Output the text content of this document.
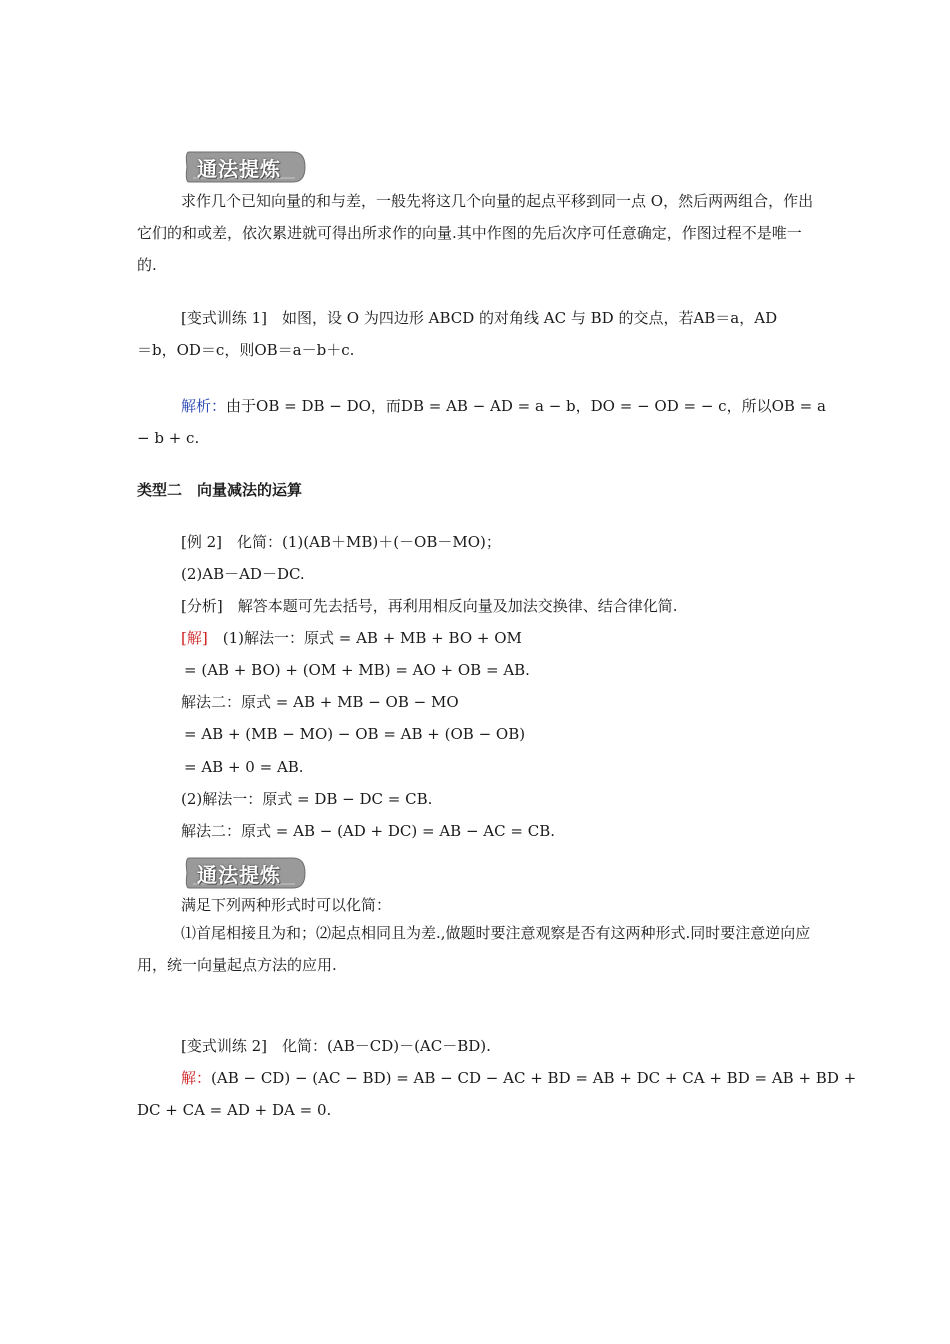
通法提炼
求作几个已知向量的和与差，一般先将这几个向量的起点平移到同一点 O，然后两两组合，作出它们的和或差，依次累进就可得出所求作的向量.其中作图的先后次序可任意确定，作图过程不是唯一的.
[变式训练 1]　如图，设 O 为四边形 ABCD 的对角线 AC 与 BD 的交点，若AB＝a，AD
＝b，OD＝c，则OB＝a－b＋c.
解析：由于OB = DB − DO，而DB = AB − AD = a − b，DO = − OD = − c，所以OB = a
− b + c.
类型二　向量减法的运算
[例 2]　化简：(1)(AB＋MB)＋(－OB－MO)；
(2)AB－AD－DC.
[分析]　解答本题可先去括号，再利用相反向量及加法交换律、结合律化简.
[解]　(1)解法一：原式 = AB + MB + BO + OM
= (AB + BO) + (OM + MB) = AO + OB = AB.
解法二：原式 = AB + MB − OB − MO
= AB + (MB − MO) − OB = AB + (OB − OB)
= AB + 0 = AB.
(2)解法一：原式 = DB − DC = CB.
解法二：原式 = AB − (AD + DC) = AB − AC = CB.
通法提炼
满足下列两种形式时可以化简：
⑴首尾相接且为和；⑵起点相同且为差.,做题时要注意观察是否有这两种形式.同时要注意逆向应用，统一向量起点方法的应用.
[变式训练 2]　化简：(AB－CD)－(AC－BD).
解：(AB − CD) − (AC − BD) = AB − CD − AC + BD = AB + DC + CA + BD = AB + BD +
DC + CA = AD + DA = 0.
